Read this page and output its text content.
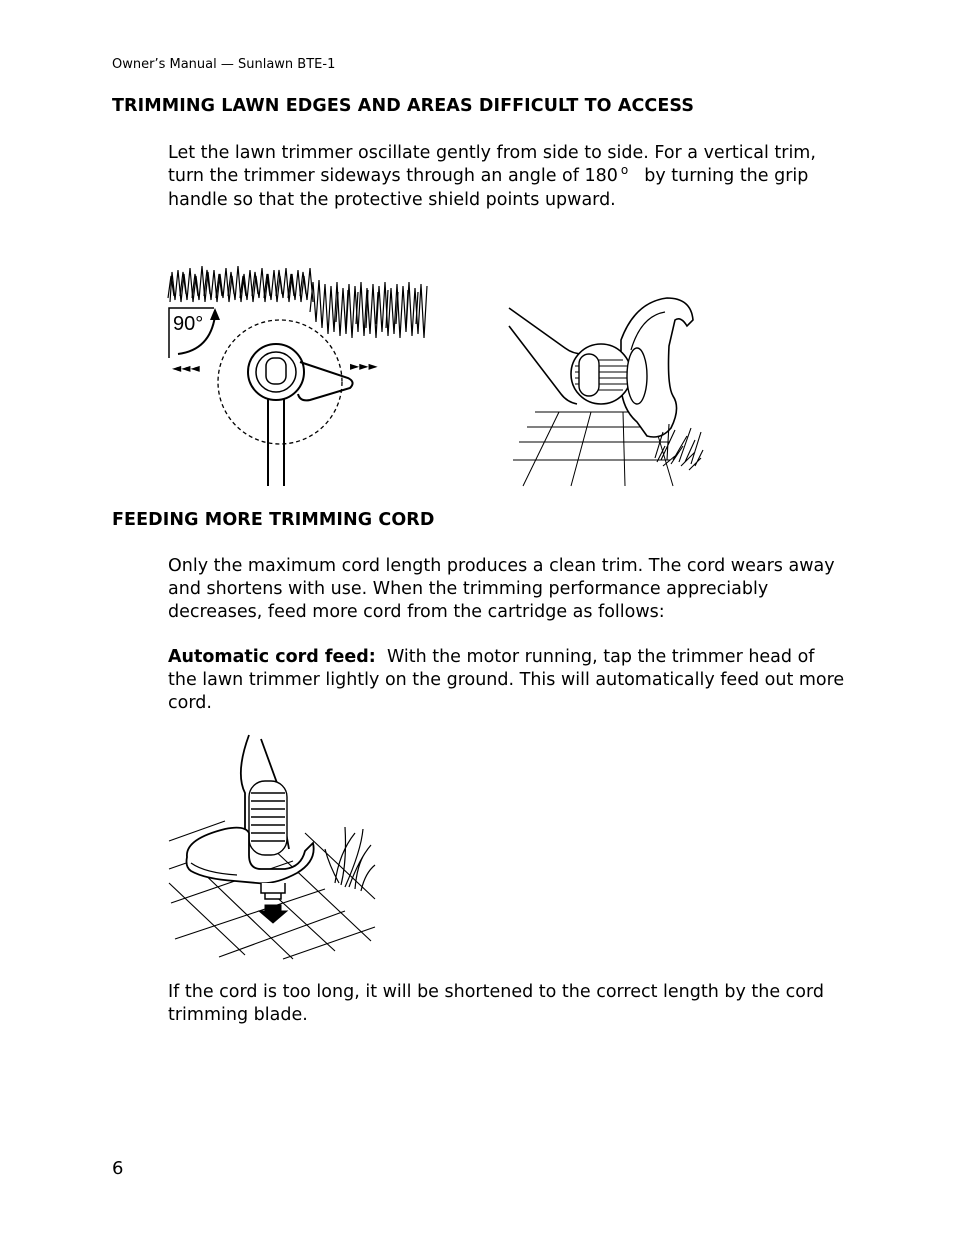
Owner’s Manual — Sunlawn BTE-1
TRIMMING LAWN EDGES AND AREAS DIFFICULT TO ACCESS
Let the lawn trimmer oscillate gently from side to side. For a vertical trim, turn the trimmer sideways through an angle of 180 $^o$ by turning the grip handle so that the protective shield points upward.
90°
◄◄◄	►►►
FEEDING MORE TRIMMING CORD
Only the maximum cord length produces a clean trim. The cord wears away and shortens with use. When the trimming performance appreciably decreases, feed more cord from the cartridge as follows:
Automatic cord feed: With the motor running, tap the trimmer head of the lawn trimmer lightly on the ground. This will automatically feed out more cord.
If the cord is too long, it will be shortened to the correct length by the cord trimming blade.
6
